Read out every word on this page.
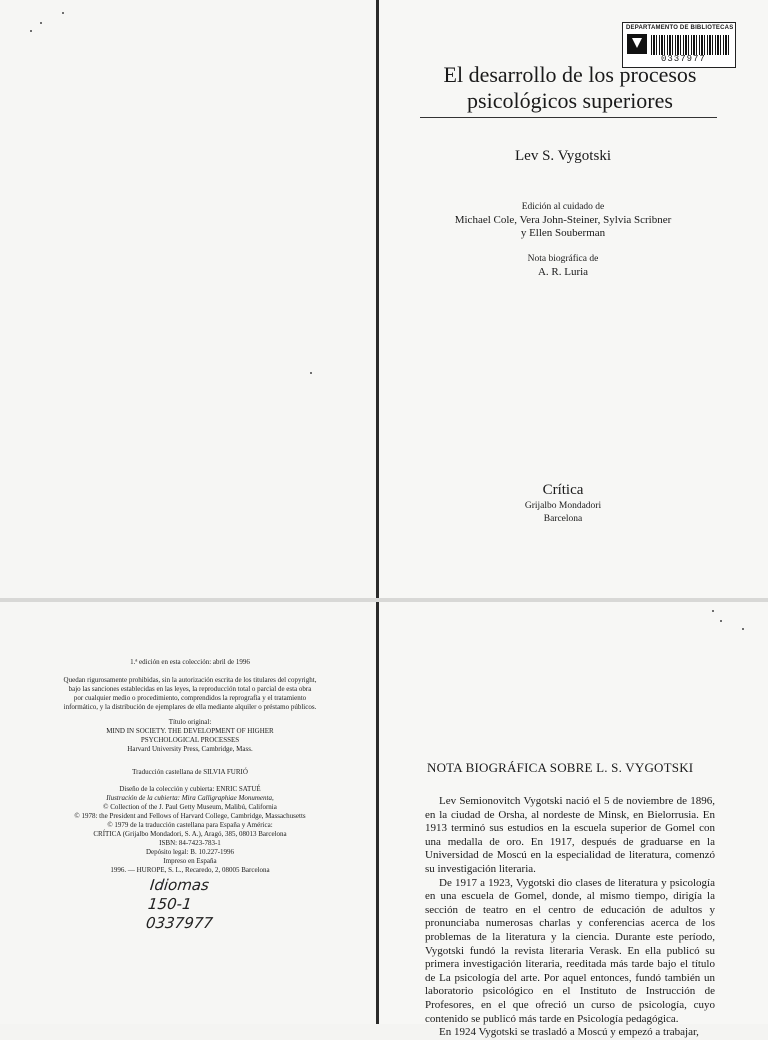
DEPARTAMENTO DE BIBLIOTECAS
0337977
El desarrollo de los procesos
psicológicos superiores
Lev S. Vygotski
Edición al cuidado de
Michael Cole, Vera John-Steiner, Sylvia Scribner
y Ellen Souberman
Nota biográfica de
A. R. Luria
Crítica
Grijalbo Mondadori
Barcelona
1.ª edición en esta colección: abril de 1996
Quedan rigurosamente prohibidas, sin la autorización escrita de los titulares del copyright,
bajo las sanciones establecidas en las leyes, la reproducción total o parcial de esta obra
por cualquier medio o procedimiento, comprendidos la reprografía y el tratamiento
informático, y la distribución de ejemplares de ella mediante alquiler o préstamo públicos.
Título original:
MIND IN SOCIETY. THE DEVELOPMENT OF HIGHER
PSYCHOLOGICAL PROCESSES
Harvard University Press, Cambridge, Mass.
Traducción castellana de SILVIA FURIÓ
Diseño de la colección y cubierta: ENRIC SATUÉ
Ilustración de la cubierta: Mira Calligraphiae Monumenta,
© Collection of the J. Paul Getty Museum, Malibú, California
© 1978: the President and Fellows of Harvard College, Cambridge, Massachusetts
© 1979 de la traducción castellana para España y América:
CRÍTICA (Grijalbo Mondadori, S. A.), Aragó, 385, 08013 Barcelona
ISBN: 84-7423-783-1
Depósito legal: B. 10.227-1996
Impreso en España
1996. — HUROPE, S. L., Recaredo, 2, 08005 Barcelona
Idiomas
150-1
0337977
NOTA BIOGRÁFICA SOBRE L. S. VYGOTSKI

Lev Semionovitch Vygotski nació el 5 de noviembre de 1896, en la ciudad de Orsha, al nordeste de Minsk, en Bielorrusia. En 1913 terminó sus estudios en la escuela superior de Gomel con una medalla de oro. En 1917, después de graduarse en la Universidad de Moscú en la especialidad de literatura, comenzó su investigación literaria.

De 1917 a 1923, Vygotski dio clases de literatura y psicología en una escuela de Gomel, donde, al mismo tiempo, dirigía la sección de teatro en el centro de educación de adultos y pronunciaba numerosas charlas y conferencias acerca de los problemas de la literatura y la ciencia. Durante este período, Vygotski fundó la revista literaria Verask. En ella publicó su primera investigación literaria, reeditada más tarde bajo el título de La psicología del arte. Por aquel entonces, fundó también un laboratorio psicológico en el Instituto de Instrucción de Profesores, en el que ofreció un curso de psicología, cuyo contenido se publicó más tarde en Psicología pedagógica.

En 1924 Vygotski se trasladó a Moscú y empezó a trabajar,
